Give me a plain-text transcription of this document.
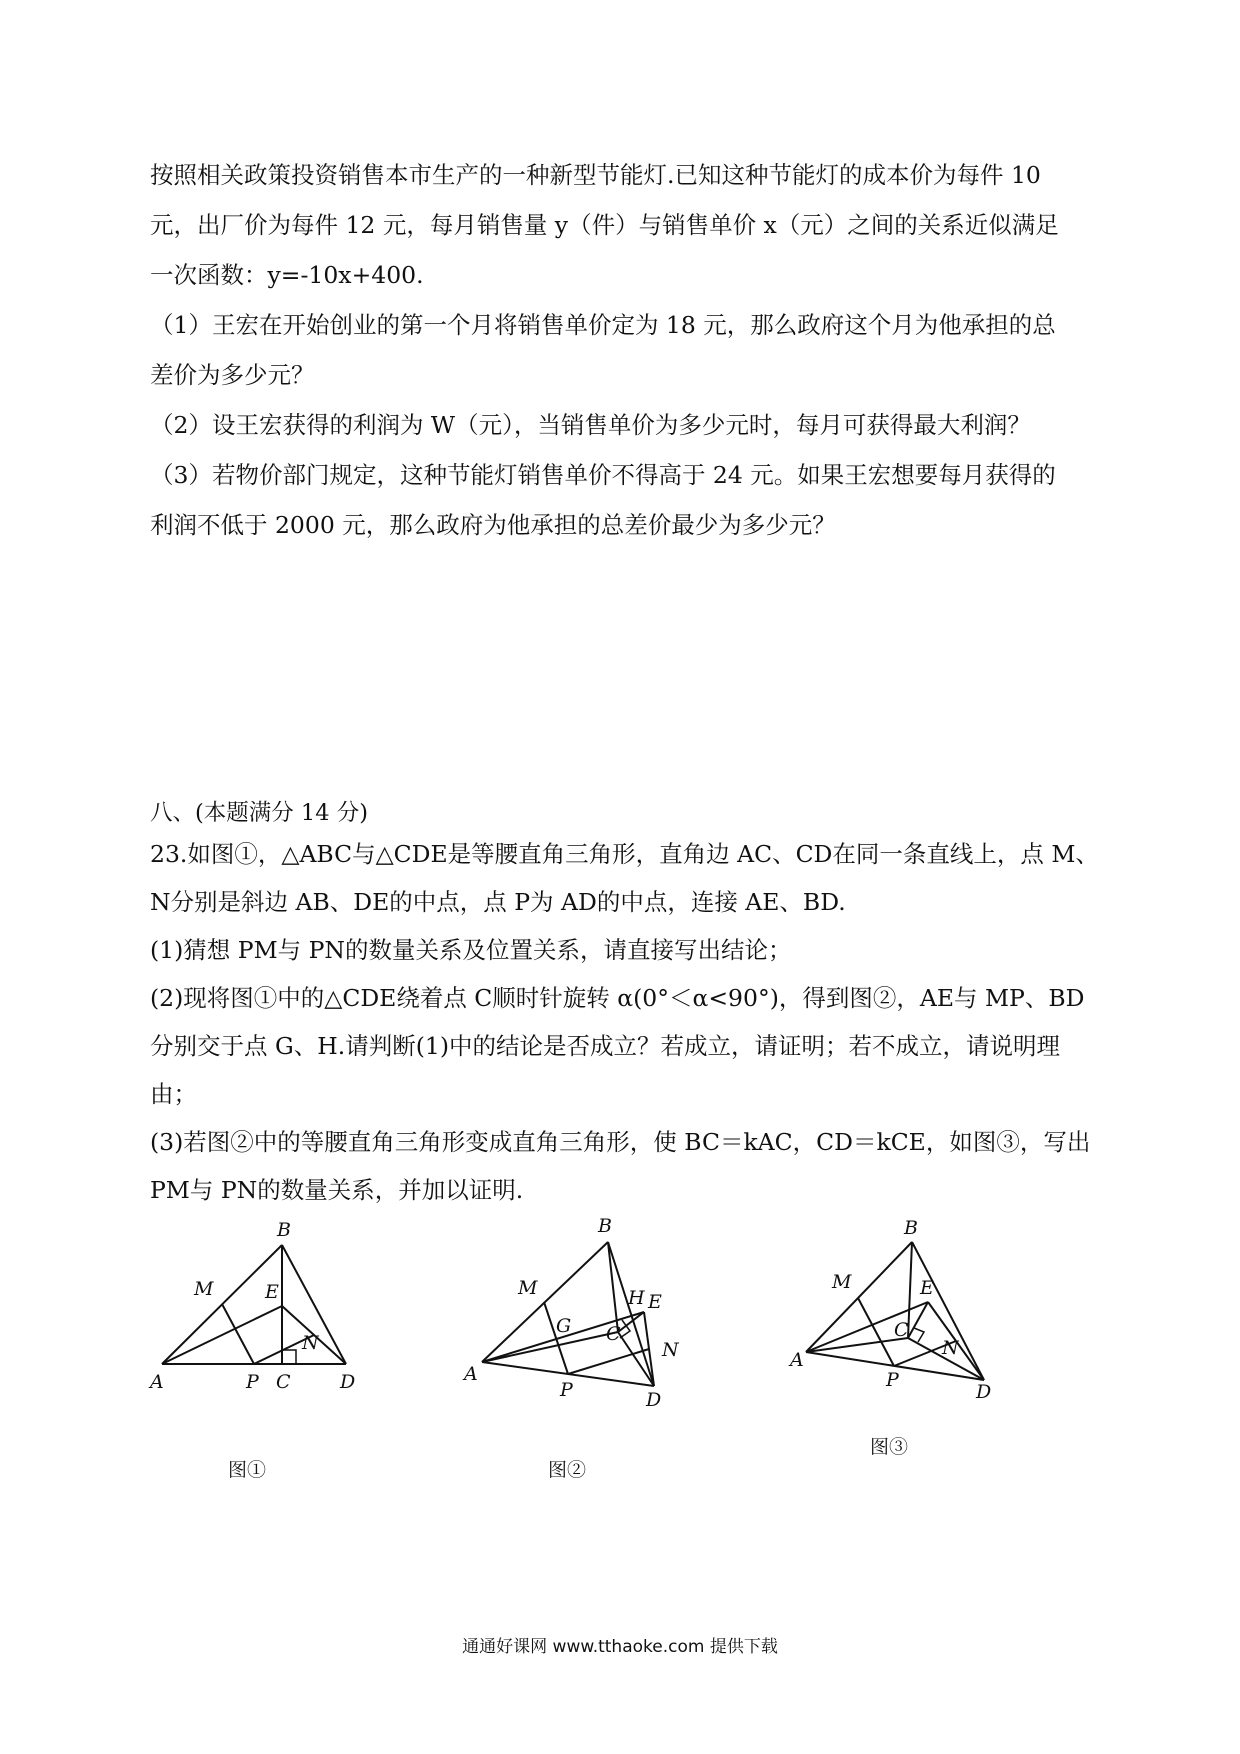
按照相关政策投资销售本市生产的一种新型节能灯.已知这种节能灯的成本价为每件 10
元，出厂价为每件 12 元，每月销售量 y（件）与销售单价 x（元）之间的关系近似满足
一次函数：y=-10x+400.
（1）王宏在开始创业的第一个月将销售单价定为 18 元，那么政府这个月为他承担的总
差价为多少元？
（2）设王宏获得的利润为 W（元），当销售单价为多少元时，每月可获得最大利润？
（3）若物价部门规定，这种节能灯销售单价不得高于 24 元。如果王宏想要每月获得的
利润不低于 2000 元，那么政府为他承担的总差价最少为多少元？
八、(本题满分 14 分)
23.如图①，△ABC与△CDE是等腰直角三角形，直角边 AC、CD在同一条直线上，点 M、
N分别是斜边 AB、DE的中点，点 P为 AD的中点，连接 AE、BD.
(1)猜想 PM与 PN的数量关系及位置关系，请直接写出结论；
(2)现将图①中的△CDE绕着点 C顺时针旋转 α(0°＜α<90°)，得到图②，AE与 MP、BD
分别交于点 G、H.请判断(1)中的结论是否成立？若成立，请证明；若不成立，请说明理
由；
(3)若图②中的等腰直角三角形变成直角三角形，使 BC＝kAC，CD＝kCE，如图③，写出
PM与 PN的数量关系，并加以证明.
B
M	E
N
A	P C	D
图①
B
M
G
H E
C
N
A
P	D
图②
B
M	E
C
N
A
P
D
图③
通通好课网 www.tthaoke.com 提供下载
